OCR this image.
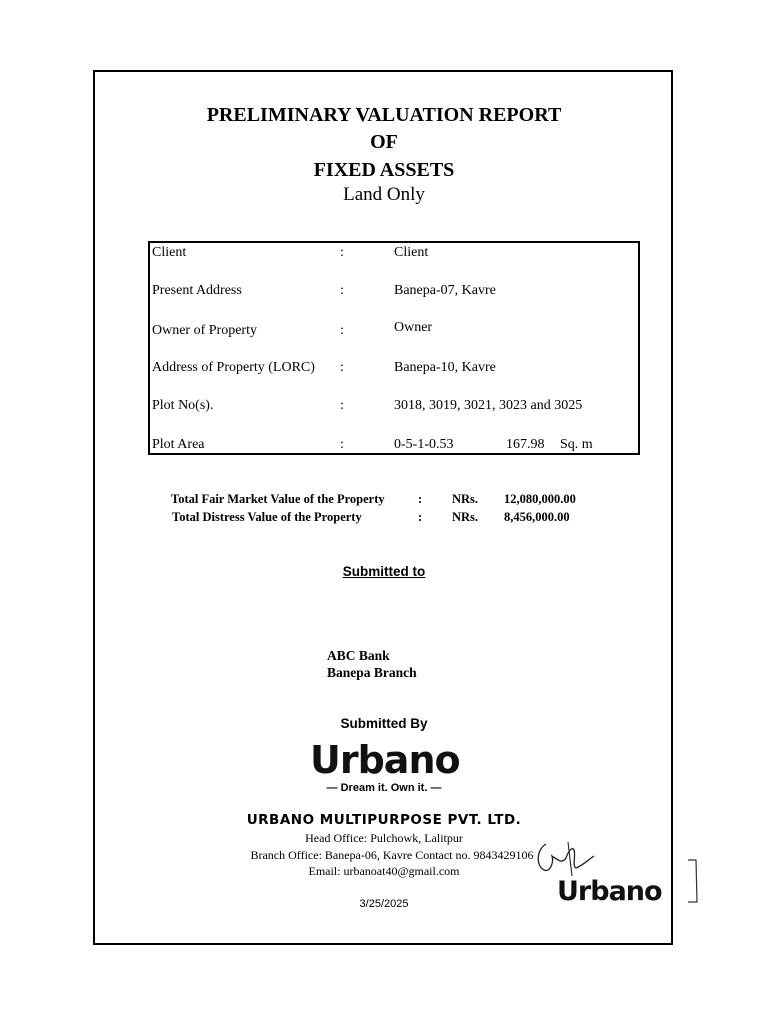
PRELIMINARY VALUATION REPORT
OF
FIXED ASSETS
Land Only
Client	:	Client
Present Address	:	Banepa-07, Kavre
Owner of Property	:	Owner
Address of Property (LORC) :	Banepa-10, Kavre
Plot No(s).	:	3018, 3019, 3021, 3023 and 3025
Plot Area	:	0-5-1-0.53	167.98 Sq. m
Total Fair Market Value of the Property	: NRs. 12,080,000.00
Total Distress Value of the Property	: NRs. 8,456,000.00
Submitted to
ABC Bank
Banepa Branch
Submitted By
Urbano
— Dream it. Own it. —
URBANO MULTIPURPOSE PVT. LTD.
Head Office: Pulchowk, Lalitpur
Branch Office: Banepa-06, Kavre Contact no. 9843429106
Email: urbanoat40@gmail.com
3/25/2025	Urbano
